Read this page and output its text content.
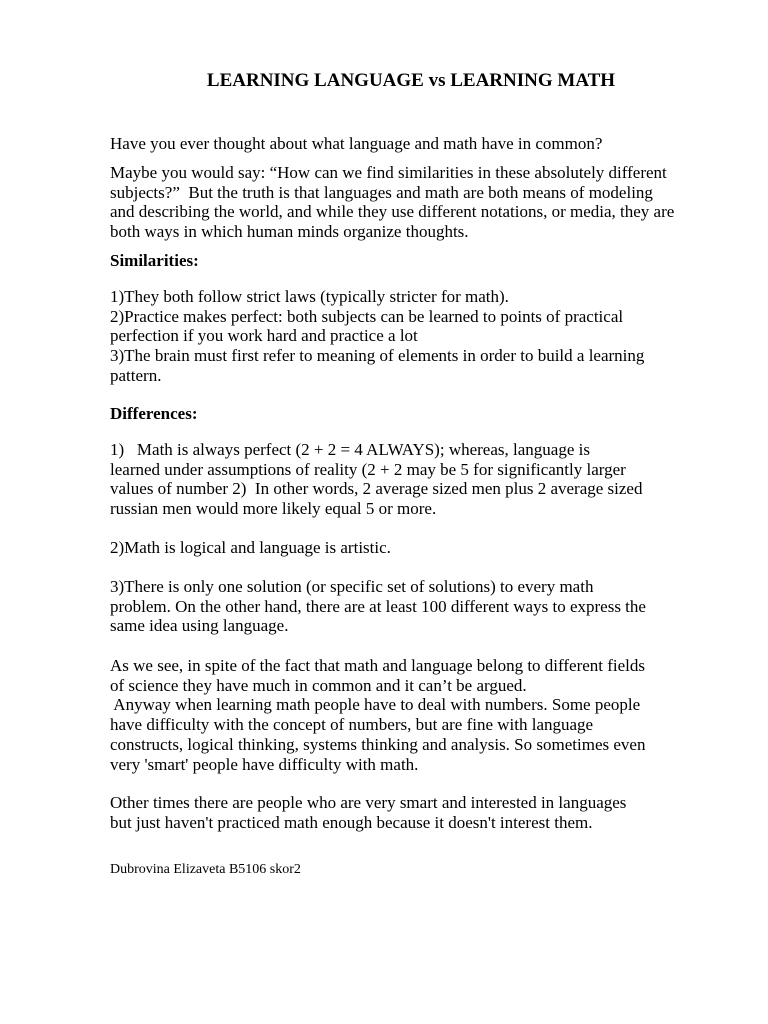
LEARNING LANGUAGE vs LEARNING MATH
Have you ever thought about what language and math have in common?
Maybe you would say: “How can we find similarities in these absolutely different
subjects?”  But the truth is that languages and math are both means of modeling
and describing the world, and while they use different notations, or media, they are
both ways in which human minds organize thoughts.
Similarities:
1)They both follow strict laws (typically stricter for math).
2)Practice makes perfect: both subjects can be learned to points of practical
perfection if you work hard and practice a lot
3)The brain must first refer to meaning of elements in order to build a learning
pattern.
Differences:
1)   Math is always perfect (2 + 2 = 4 ALWAYS); whereas, language is
learned under assumptions of reality (2 + 2 may be 5 for significantly larger
values of number 2)  In other words, 2 average sized men plus 2 average sized
russian men would more likely equal 5 or more.
2)Math is logical and language is artistic.
3)There is only one solution (or specific set of solutions) to every math
problem. On the other hand, there are at least 100 different ways to express the
same idea using language.
As we see, in spite of the fact that math and language belong to different fields
of science they have much in common and it can’t be argued.
Anyway when learning math people have to deal with numbers. Some people
have difficulty with the concept of numbers, but are fine with language
constructs, logical thinking, systems thinking and analysis. So sometimes even
very 'smart' people have difficulty with math.
Other times there are people who are very smart and interested in languages
but just haven't practiced math enough because it doesn't interest them.
Dubrovina Elizaveta B5106 skor2
